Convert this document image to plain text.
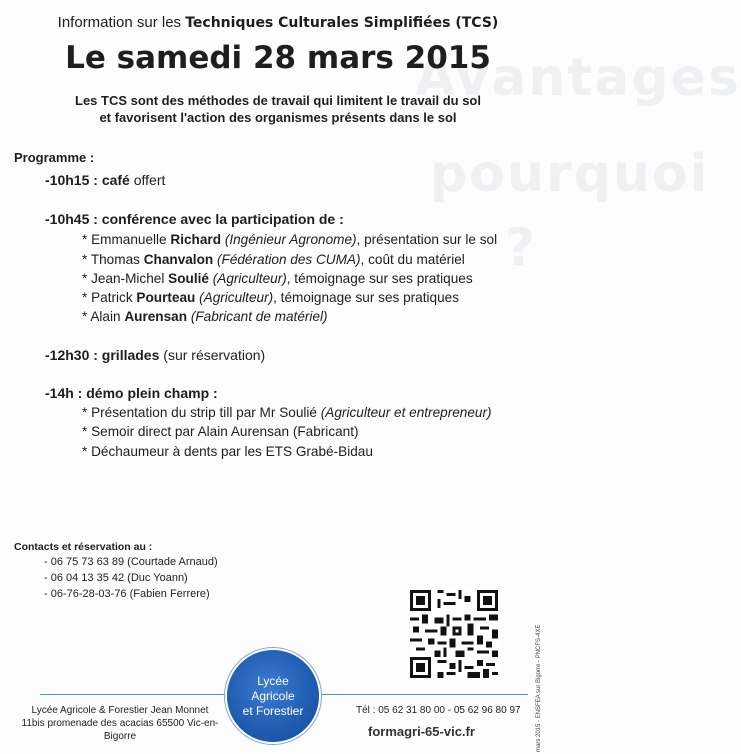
Avantages
pourquoi
?
Information sur les Techniques Culturales Simplifiées (TCS)
Le samedi 28 mars 2015
Les TCS sont des méthodes de travail qui limitent le travail du sol
et favorisent l'action des organismes présents dans le sol
Programme :
-10h15 : café offert
-10h45 : conférence avec la participation de :
* Emmanuelle Richard (Ingénieur Agronome), présentation sur le sol
* Thomas Chanvalon (Fédération des CUMA), coût du matériel
* Jean-Michel Soulié (Agriculteur), témoignage sur ses pratiques
* Patrick Pourteau (Agriculteur), témoignage sur ses pratiques
* Alain Aurensan (Fabricant de matériel)
-12h30 : grillades (sur réservation)
-14h : démo plein champ :
* Présentation du strip till par Mr Soulié (Agriculteur et entrepreneur)
* Semoir direct par Alain Aurensan (Fabricant)
* Déchaumeur à dents par les ETS Grabé-Bidau
Contacts et réservation au :
- 06 75 73 63 89 (Courtade Arnaud)
- 06 04 13 35 42 (Duc Yoann)
- 06-76-28-03-76 (Fabien Ferrere)
Lycée
Agricole
et Forestier
Lycée Agricole & Forestier Jean Monnet
11bis promenade des acacias 65500 Vic-en-Bigorre
Tél : 05 62 31 80 00 - 05 62 96 80 97
formagri-65-vic.fr	mars 2015 - ENSFEA sur Bigorre - PNCFS-4XE
